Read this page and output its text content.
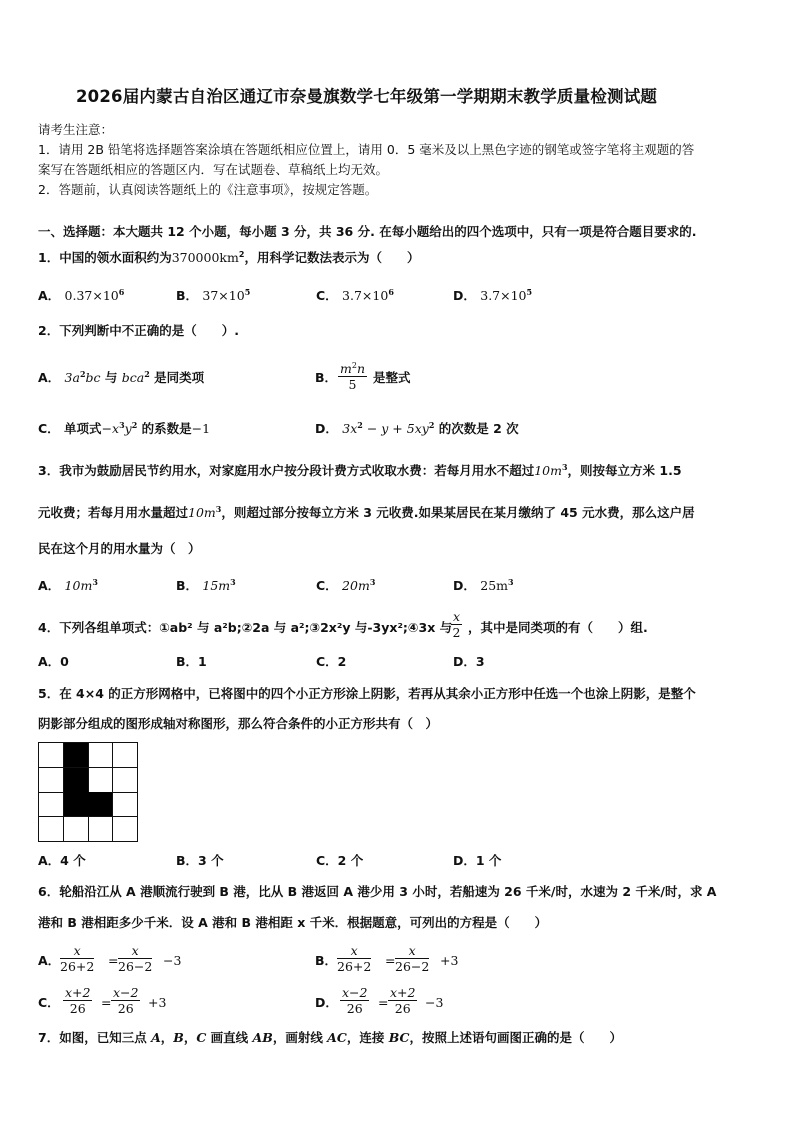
2026届内蒙古自治区通辽市奈曼旗数学七年级第一学期期末教学质量检测试题
请考生注意：
1．请用 2B 铅笔将选择题答案涂填在答题纸相应位置上，请用 0．5 毫米及以上黑色字迹的钢笔或签字笔将主观题的答
案写在答题纸相应的答题区内．写在试题卷、草稿纸上均无效。
2．答题前，认真阅读答题纸上的《注意事项》，按规定答题。
一、选择题：本大题共 12 个小题，每小题 3 分，共 36 分. 在每小题给出的四个选项中，只有一项是符合题目要求的.
1．中国的领水面积约为$370000km^2$，用科学记数法表示为（　　）
A． $0.37\times 10^6$	B． $37\times 10^5$	C． $3.7\times 10^6$	D． $3.7\times 10^5$
2．下列判断中不正确的是（　　）.
A． $3a^2bc$ 与 bca$^2$ 是同类项	B． $\frac{m^2n}{5}$ 是整式
C． 单项式$-x^3y^2$ 的系数是−1	D． $3x^2 - y + 5xy^2$ 的次数是 2 次
3．我市为鼓励居民节约用水，对家庭用水户按分段计费方式收取水费：若每月用水不超过$10m^3$，则按每立方米 1.5
元收费；若每月用水量超过$10m^3$，则超过部分按每立方米 3 元收费.如果某居民在某月缴纳了 45 元水费，那么这户居
民在这个月的用水量为（　）
A． $10m^3$	B． $15m^3$	C． $20m^3$	D． $25m^3$
4．下列各组单项式：①ab² 与 a²b;②2a 与 a²;③2x²y 与-3yx²;④3x 与
$\frac{x}{2}$ ，其中是同类项的有（　　）组.
A．0	B．1	C．2	D．3
5．在 4×4 的正方形网格中，已将图中的四个小正方形涂上阴影，若再从其余小正方形中任选一个也涂上阴影，是整个
阴影部分组成的图形成轴对称图形，那么符合条件的小正方形共有（　）
A．4 个	B．3 个	C．2 个	D．1 个
6．轮船沿江从 A 港顺流行驶到 B 港，比从 B 港返回 A 港少用 3 小时，若船速为 26 千米/时，水速为 2 千米/时，求 A
港和 B 港相距多少千米．设 A 港和 B 港相距 x 千米．根据题意，可列出的方程是（　　）
A． $\frac{x}{26+2} = \frac{x}{26-2} -3$	B． $\frac{x}{26+2} = \frac{x}{26-2} +3$
C． $\frac{x+2}{26} = \frac{x-2}{26} +3$	D． $\frac{x-2}{26} = \frac{x+2}{26} -3$
7．如图，已知三点 A，B，C 画直线 AB，画射线 AC，连接 BC，按照上述语句画图正确的是（　　）
